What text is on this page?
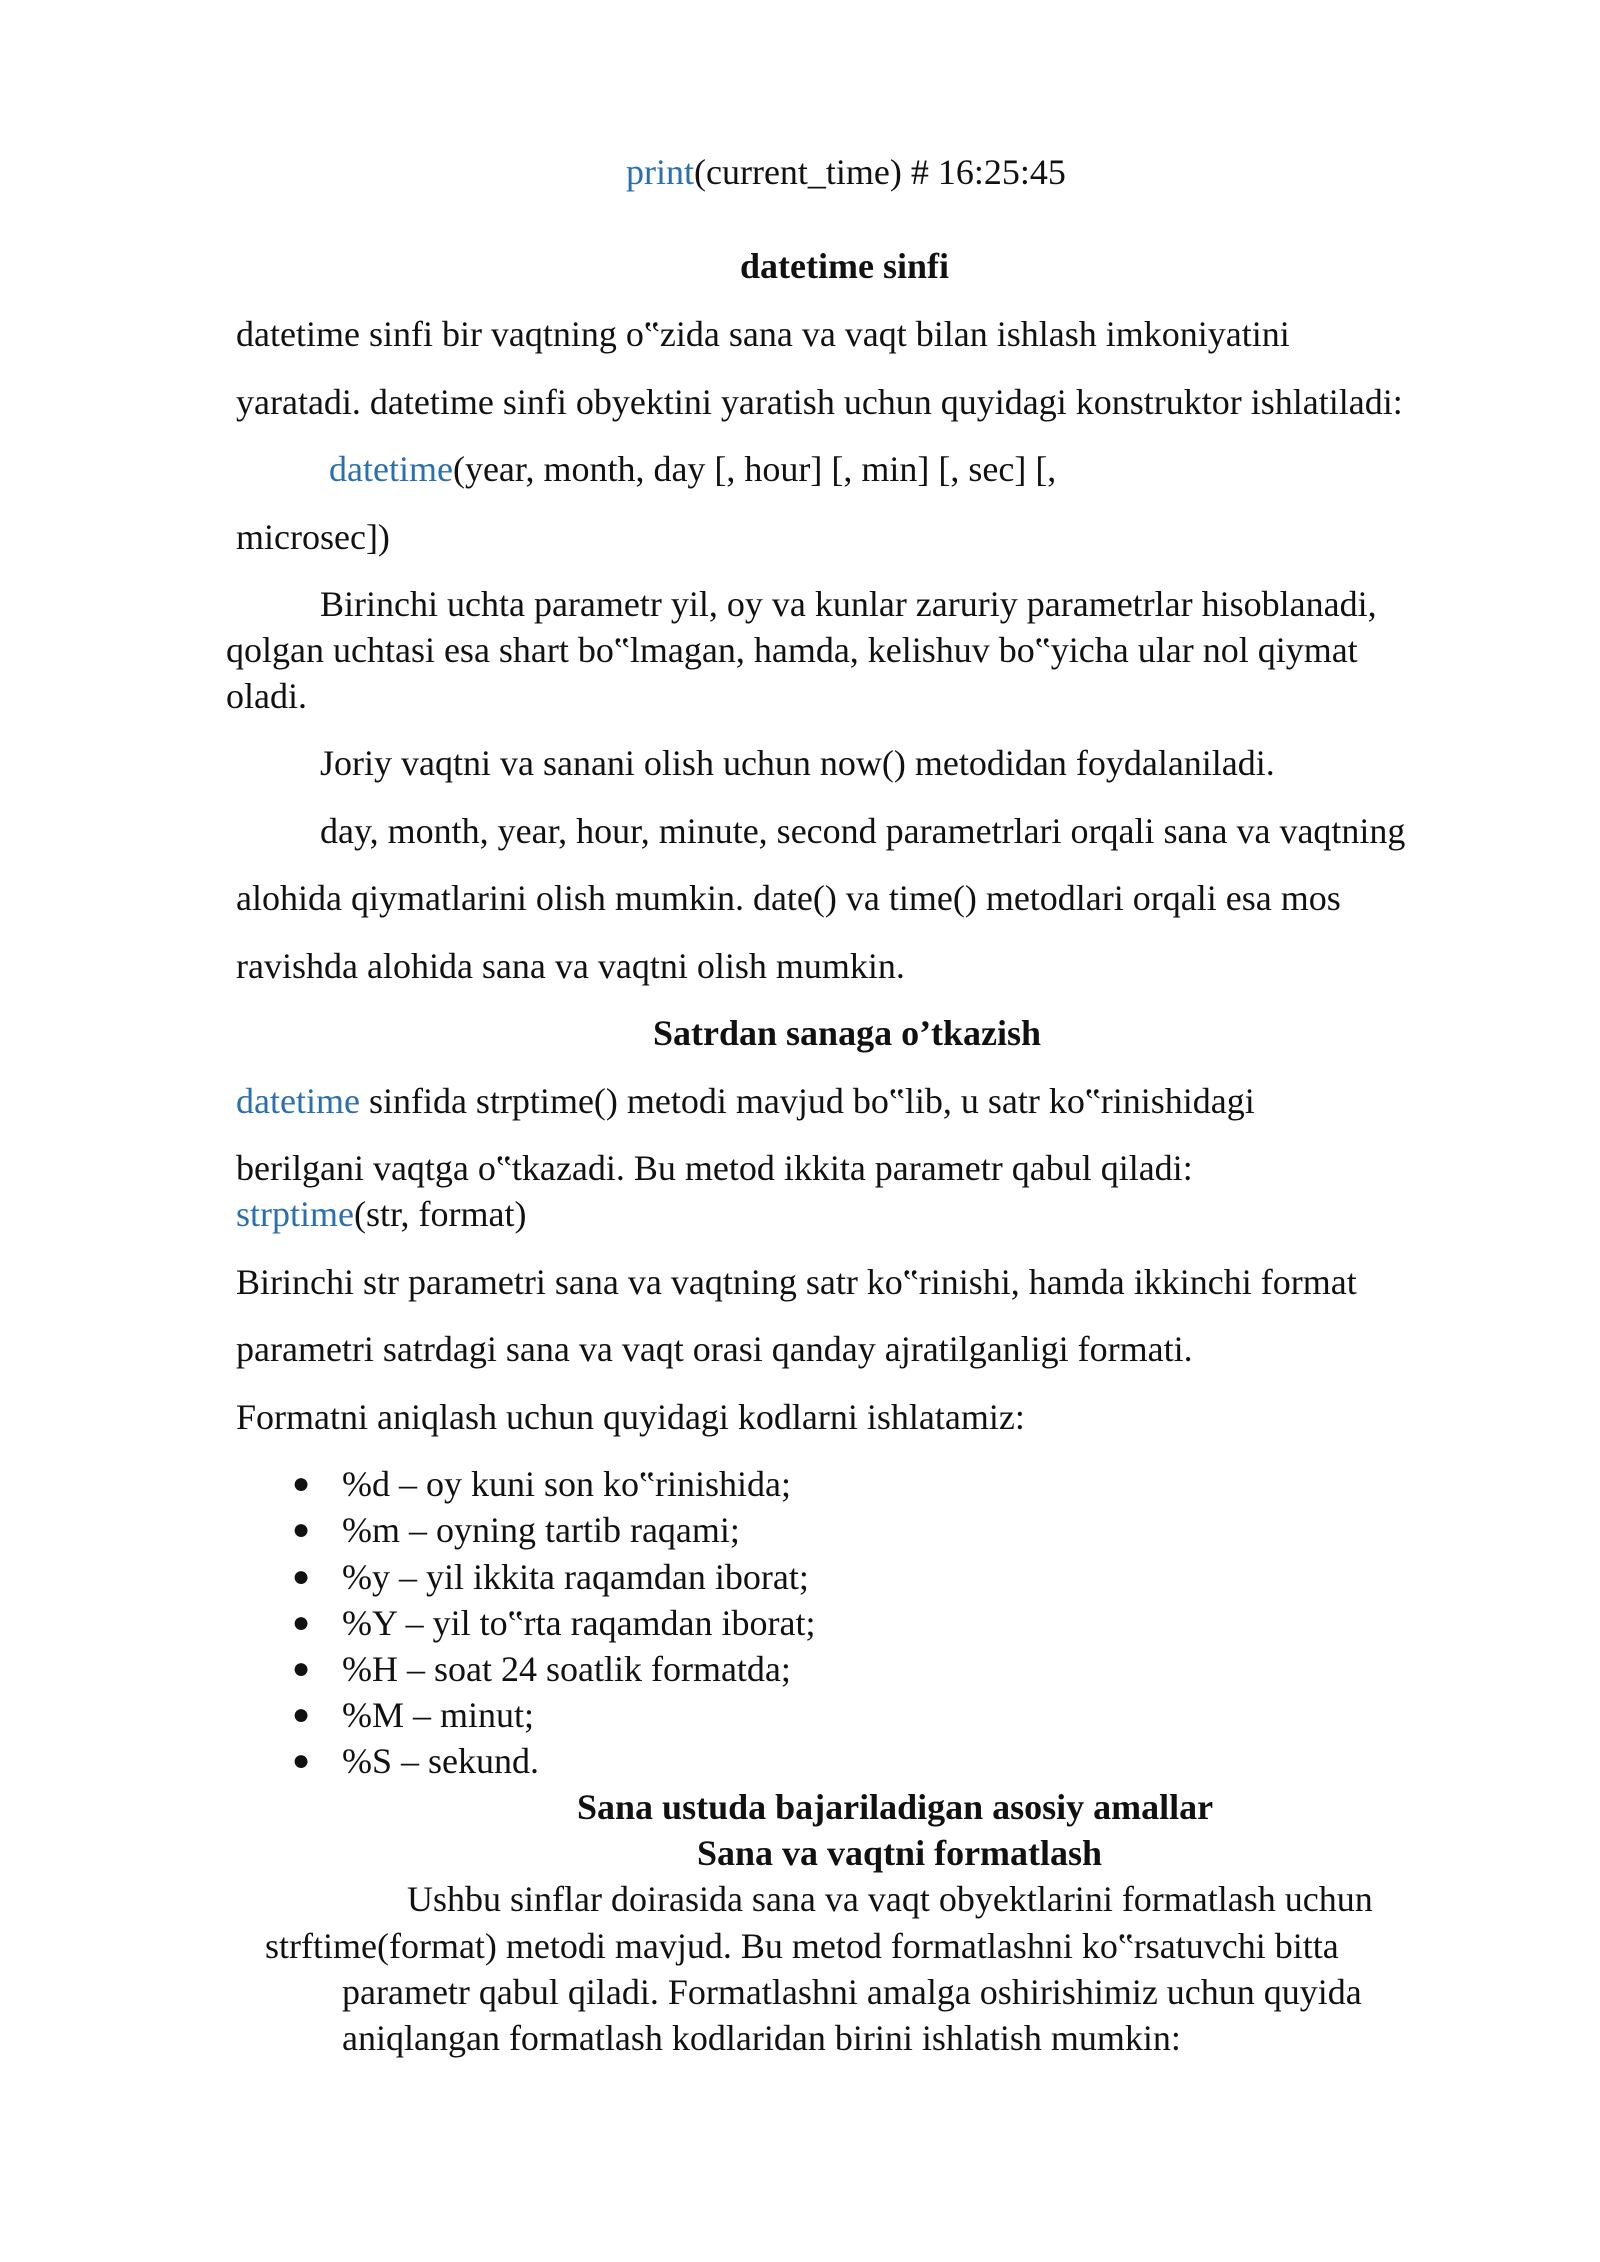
print(current_time) # 16:25:45
datetime sinfi
datetime sinfi bir vaqtning o‟zida sana va vaqt bilan ishlash imkoniyatini
yaratadi. datetime sinfi obyektini yaratish uchun quyidagi konstruktor ishlatiladi:
datetime(year, month, day [, hour] [, min] [, sec] [,
microsec])
Birinchi uchta parametr yil, oy va kunlar zaruriy parametrlar hisoblanadi,
qolgan uchtasi esa shart bo‟lmagan, hamda, kelishuv bo‟yicha ular nol qiymat
oladi.
Joriy vaqtni va sanani olish uchun now() metodidan foydalaniladi.
day, month, year, hour, minute, second parametrlari orqali sana va vaqtning
alohida qiymatlarini olish mumkin. date() va time() metodlari orqali esa mos
ravishda alohida sana va vaqtni olish mumkin.
Satrdan sanaga o’tkazish
datetime sinfida strptime() metodi mavjud bo‟lib, u satr ko‟rinishidagi
berilgani vaqtga o‟tkazadi. Bu metod ikkita parametr qabul qiladi:
strptime(str, format)
Birinchi str parametri sana va vaqtning satr ko‟rinishi, hamda ikkinchi format
parametri satrdagi sana va vaqt orasi qanday ajratilganligi formati.
Formatni aniqlash uchun quyidagi kodlarni ishlatamiz:
● %d – oy kuni son ko‟rinishida;
● %m – oyning tartib raqami;
● %y – yil ikkita raqamdan iborat;
● %Y – yil to‟rta raqamdan iborat;
● %H – soat 24 soatlik formatda;
● %M – minut;
● %S – sekund.
Sana ustuda bajariladigan asosiy amallar
Sana va vaqtni formatlash
Ushbu sinflar doirasida sana va vaqt obyektlarini formatlash uchun
strftime(format) metodi mavjud. Bu metod formatlashni ko‟rsatuvchi bitta
parametr qabul qiladi. Formatlashni amalga oshirishimiz uchun quyida
aniqlangan formatlash kodlaridan birini ishlatish mumkin:
